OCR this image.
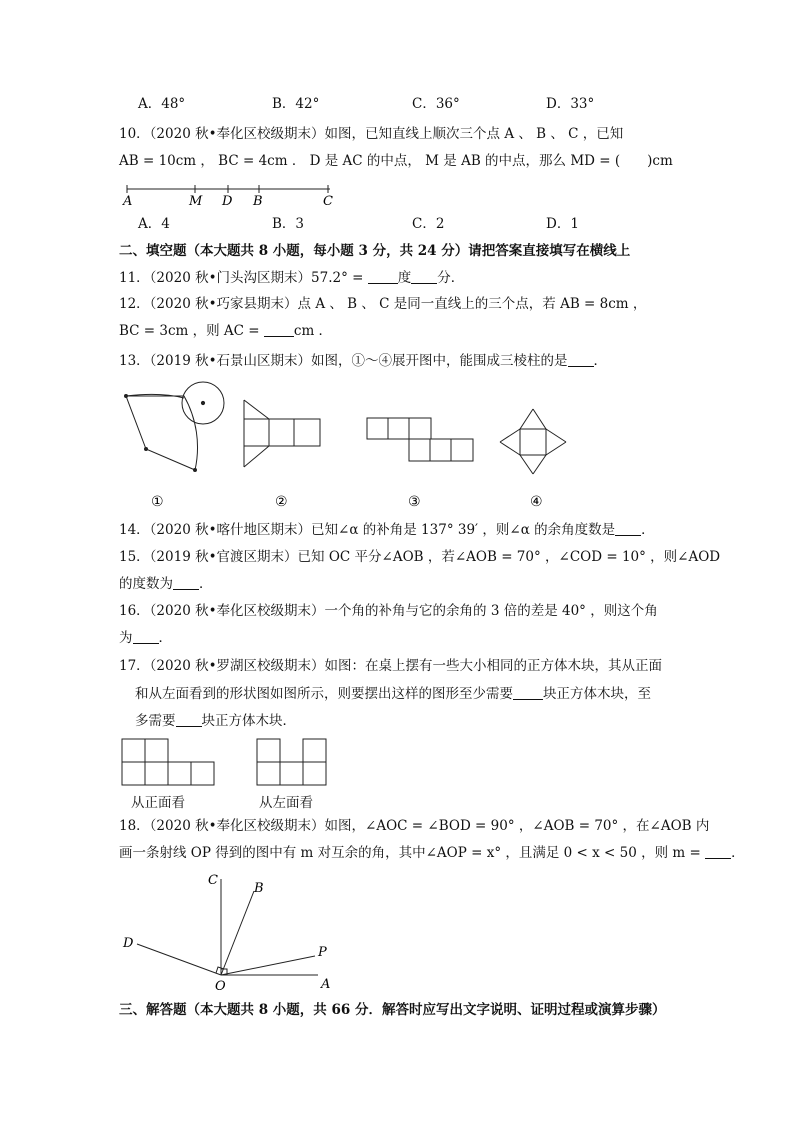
A．48°	B．42°	C．36°	D．33°
10．（2020 秋•奉化区校级期末）如图，已知直线上顺次三个点 A 、 B 、 C ，已知
AB = 10cm ， BC = 4cm ． D 是 AC 的中点， M 是 AB 的中点，那么 MD = (　　)cm
A	M D B	C
A．4	B．3	C．2	D．1
二、填空题（本大题共 8 小题，每小题 3 分，共 24 分）请把答案直接填写在横线上
11．（2020 秋•门头沟区期末）57.2° = 度 分．
12．（2020 秋•巧家县期末）点 A 、 B 、 C 是同一直线上的三个点，若 AB = 8cm ，
BC = 3cm ，则 AC = cm ．
13．（2019 秋•石景山区期末）如图，①～④展开图中，能围成三棱柱的是 ．
①	②	③	④
14．（2020 秋•喀什地区期末）已知∠α 的补角是 137° 39′ ，则∠α 的余角度数是 ．
15．（2019 秋•官渡区期末）已知 OC 平分∠AOB ，若∠AOB = 70° ，∠COD = 10° ，则∠AOD
的度数为 ．
16．（2020 秋•奉化区校级期末）一个角的补角与它的余角的 3 倍的差是 40° ，则这个角
为 ．
17．（2020 秋•罗湖区校级期末）如图：在桌上摆有一些大小相同的正方体木块，其从正面
和从左面看到的形状图如图所示，则要摆出这样的图形至少需要 块正方体木块，至
多需要 块正方体木块．
从正面看	从左面看
18．（2020 秋•奉化区校级期末）如图，∠AOC = ∠BOD = 90° ，∠AOB = 70° ，在∠AOB 内
画一条射线 OP 得到的图中有 m 对互余的角，其中∠AOP = x° ，且满足 0 < x < 50 ，则 m = ．
C
B
D
P
O	A
三、解答题（本大题共 8 小题，共 66 分．解答时应写出文字说明、证明过程或演算步骤）
